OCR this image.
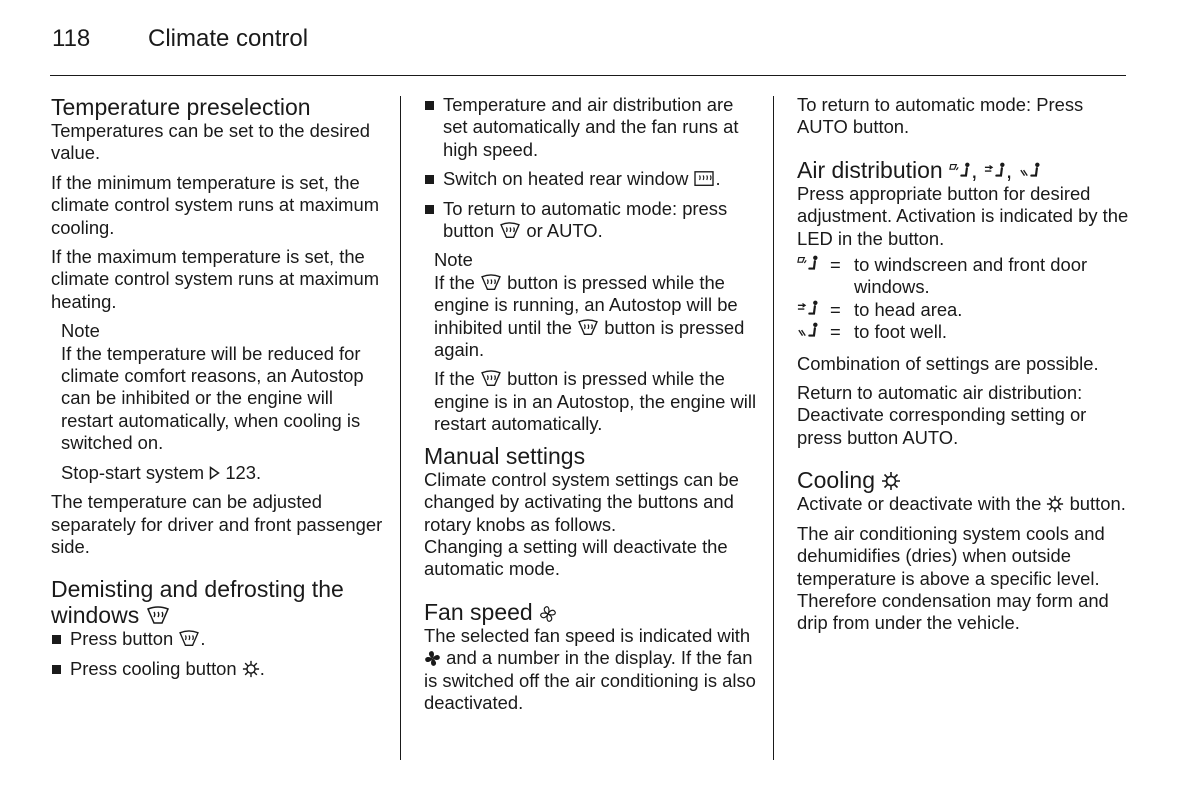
118 Climate control
Temperature preselection

Temperatures can be set to the desired value.

If the minimum temperature is set, the climate control system runs at maximum cooling.

If the maximum temperature is set, the climate control system runs at maximum heating.

Note

If the temperature will be reduced for climate comfort reasons, an Autostop can be inhibited or the engine will restart automatically, when cooling is switched on.

Stop-start system 123.

The temperature can be adjusted separately for driver and front passenger side.

Demisting and defrosting the windows
Press button .
Press cooling button .
Temperature and air distribution are set automatically and the fan runs at high speed.
Switch on heated rear window .
To return to automatic mode: press button or AUTO.

Note

If the button is pressed while the engine is running, an Autostop will be inhibited until the button is pressed again.

If the button is pressed while the engine is in an Autostop, the engine will restart automatically.

Manual settings

Climate control system settings can be changed by activating the buttons and rotary knobs as follows.

Changing a setting will deactivate the automatic mode.

Fan speed

The selected fan speed is indicated with  and a number in the display. If the fan is switched off the air conditioning is also deactivated.

To return to automatic mode: Press AUTO button.

Air distribution , ,

Press appropriate button for desired adjustment. Activation is indicated by the LED in the button.

	=	to windscreen and front door windows.
	=	to head area.
	=	to foot well.

Combination of settings are possible.

Return to automatic air distribution: Deactivate corresponding setting or press button AUTO.

Cooling

Activate or deactivate with the button.

The air conditioning system cools and dehumidifies (dries) when outside temperature is above a specific level. Therefore condensation may form and drip from under the vehicle.
